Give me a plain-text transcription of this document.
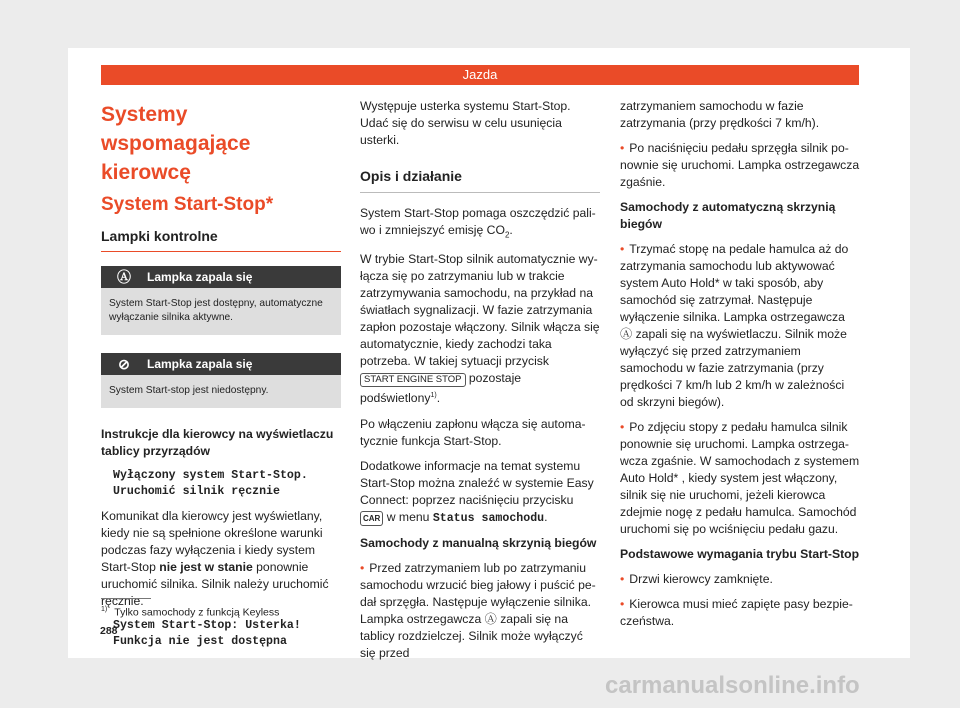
Jazda
Systemy wspomagające kierowcę
System Start-Stop*
Lampki kontrolne
Ⓐ	Lampka zapala się
System Start-Stop jest dostępny, automatyczne wyłączanie silnika aktywne.
⊘	Lampka zapala się
System Start-stop jest niedostępny.

Instrukcje dla kierowcy na wyświetlaczu tablicy przyrządów

Wyłączony system Start-Stop. Uruchomić silnik ręcznie

Komunikat dla kierowcy jest wyświetlany, kiedy nie są spełnione określone warunki podczas fazy wyłączenia i kiedy system Start-Stop nie jest w stanie ponownie uruchomić silnika. Silnik należy uruchomić ręcznie.

System Start-Stop: Usterka! Funkcja nie jest dostępna

Występuje usterka systemu Start-Stop. Udać się do serwisu w celu usunięcia usterki.

Opis i działanie

System Start-Stop pomaga oszczędzić paliwo i zmniejszyć emisję $CO_2$.

W trybie Start-Stop silnik automatycznie wyłącza się po zatrzymaniu lub w trakcie zatrzymywania samochodu, na przykład na światłach sygnalizacji. W fazie zatrzymania zapłon pozostaje włączony. Silnik włącza się automatycznie, kiedy zachodzi taka potrzeba. W takiej sytuacji przycisk START ENGINE STOP pozostaje podświetlony$^{1)}$.

Po włączeniu zapłonu włącza się automatycznie funkcja Start-Stop.

Dodatkowe informacje na temat systemu Start-Stop można znaleźć w systemie Easy Connect: poprzez naciśnięciu przycisku CAR w menu Status samochodu.

Samochody z manualną skrzynią biegów

• Przed zatrzymaniem lub po zatrzymaniu samochodu wrzucić bieg jałowy i puścić pedał sprzęgła. Następuje wyłączenie silnika. Lampka ostrzegawcza Ⓐ zapali się na tablicy rozdzielczej. Silnik może wyłączyć się przed

zatrzymaniem samochodu w fazie zatrzymania (przy prędkości 7 km/h).

• Po naciśnięciu pedału sprzęgła silnik ponownie się uruchomi. Lampka ostrzegawcza zgaśnie.

Samochody z automatyczną skrzynią biegów

• Trzymać stopę na pedale hamulca aż do zatrzymania samochodu lub aktywować system Auto Hold* w taki sposób, aby samochód się zatrzymał. Następuje wyłączenie silnika. Lampka ostrzegawcza Ⓐ zapali się na wyświetlaczu. Silnik może wyłączyć się przed zatrzymaniem samochodu w fazie zatrzymania (przy prędkości 7 km/h lub 2 km/h w zależności od skrzyni biegów).

• Po zdjęciu stopy z pedału hamulca silnik ponownie się uruchomi. Lampka ostrzegawcza zgaśnie. W samochodach z systemem Auto Hold* , kiedy system jest włączony, silnik się nie uruchomi, jeżeli kierowca zdejmie nogę z pedału hamulca. Samochód uruchomi się po wciśnięciu pedału gazu.

Podstawowe wymagania trybu Start-Stop

• Drzwi kierowcy zamknięte.

• Kierowca musi mieć zapięte pasy bezpieczeństwa.

$^{1)}$ Tylko samochody z funkcją Keyless
288
carmanualsonline.info
